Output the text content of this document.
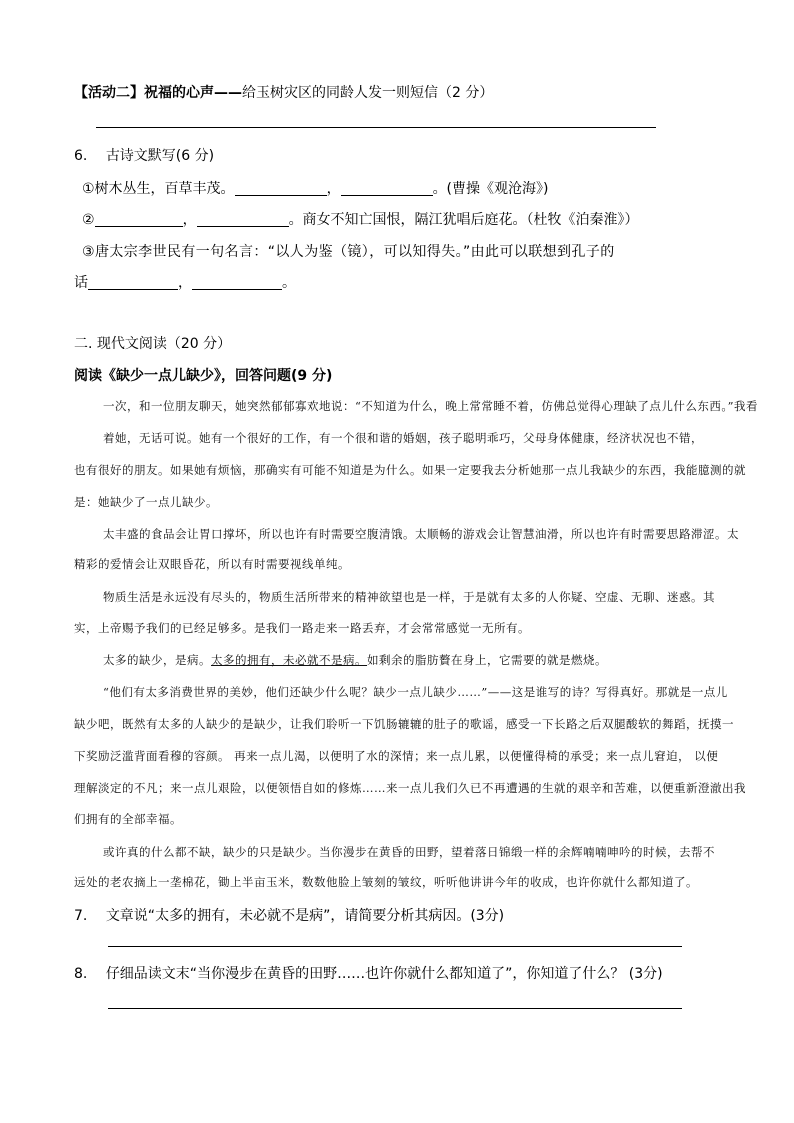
【活动二】祝福的心声——给玉树灾区的同龄人发一则短信（2 分）
6. 古诗文默写(6 分)
①树木丛生，百草丰茂。	，	。(曹操《观沧海》)
②	，	。商女不知亡国恨，隔江犹唱后庭花。（杜牧《泊秦淮》）
③唐太宗李世民有一句名言：“以人为鉴（镜），可以知得失。”由此可以联想到孔子的
话	，	。
二. 现代文阅读（20 分）
阅读《缺少一点儿缺少》，回答问题(9 分)
一次，和一位朋友聊天，她突然郁郁寡欢地说：“不知道为什么，晚上常常睡不着，仿佛总觉得心理缺了点儿什么东西。”我看
着她，无话可说。她有一个很好的工作，有一个很和谐的婚姻，孩子聪明乖巧，父母身体健康，经济状况也不错，
也有很好的朋友。如果她有烦恼，那确实有可能不知道是为什么。如果一定要我去分析她那一点儿我缺少的东西，我能臆测的就
是：她缺少了一点儿缺少。
太丰盛的食品会让胃口撑坏，所以也许有时需要空腹清饿。太顺畅的游戏会让智慧油滑，所以也许有时需要思路滞涩。太
精彩的爱情会让双眼昏花，所以有时需要视线单纯。
物质生活是永远没有尽头的，物质生活所带来的精神欲望也是一样，于是就有太多的人你疑、空虚、无聊、迷惑。其
实，上帝赐予我们的已经足够多。是我们一路走来一路丢弃，才会常常感觉一无所有。
太多的缺少，是病。太多的拥有，未必就不是病。如剩余的脂肪贅在身上，它需要的就是燃烧。
“他们有太多消费世界的美妙，他们还缺少什么呢？缺少一点儿缺少……”——这是谁写的诗？写得真好。那就是一点儿
缺少吧，既然有太多的人缺少的是缺少，让我们聆听一下饥肠辘辘的肚子的歌谣，感受一下长路之后双腿酸软的舞蹈，抚摸一
下奖励泛滥背面看穆的容颜。 再来一点儿渴，以便明了水的深情；来一点儿累，以便懂得椅的承受；来一点儿窘迫， 以便
理解淡定的不凡；来一点儿艰险，以便领悟自如的修炼……来一点儿我们久已不再遭遇的生就的艰辛和苦难，以便重新澄澈出我
们拥有的全部幸福。
或许真的什么都不缺，缺少的只是缺少。当你漫步在黄昏的田野，望着落日锦缎一样的余辉喃喃呻吟的时候，去帮不
远处的老农摘上一垄棉花，锄上半亩玉米，数数他脸上皱刻的皱纹，听听他讲讲今年的收成，也许你就什么都知道了。
7. 文章说“太多的拥有，未必就不是病”，请简要分析其病因。(3分)
8. 仔细品读文末“当你漫步在黄昏的田野……也许你就什么都知道了”，你知道了什么？ (3分)
